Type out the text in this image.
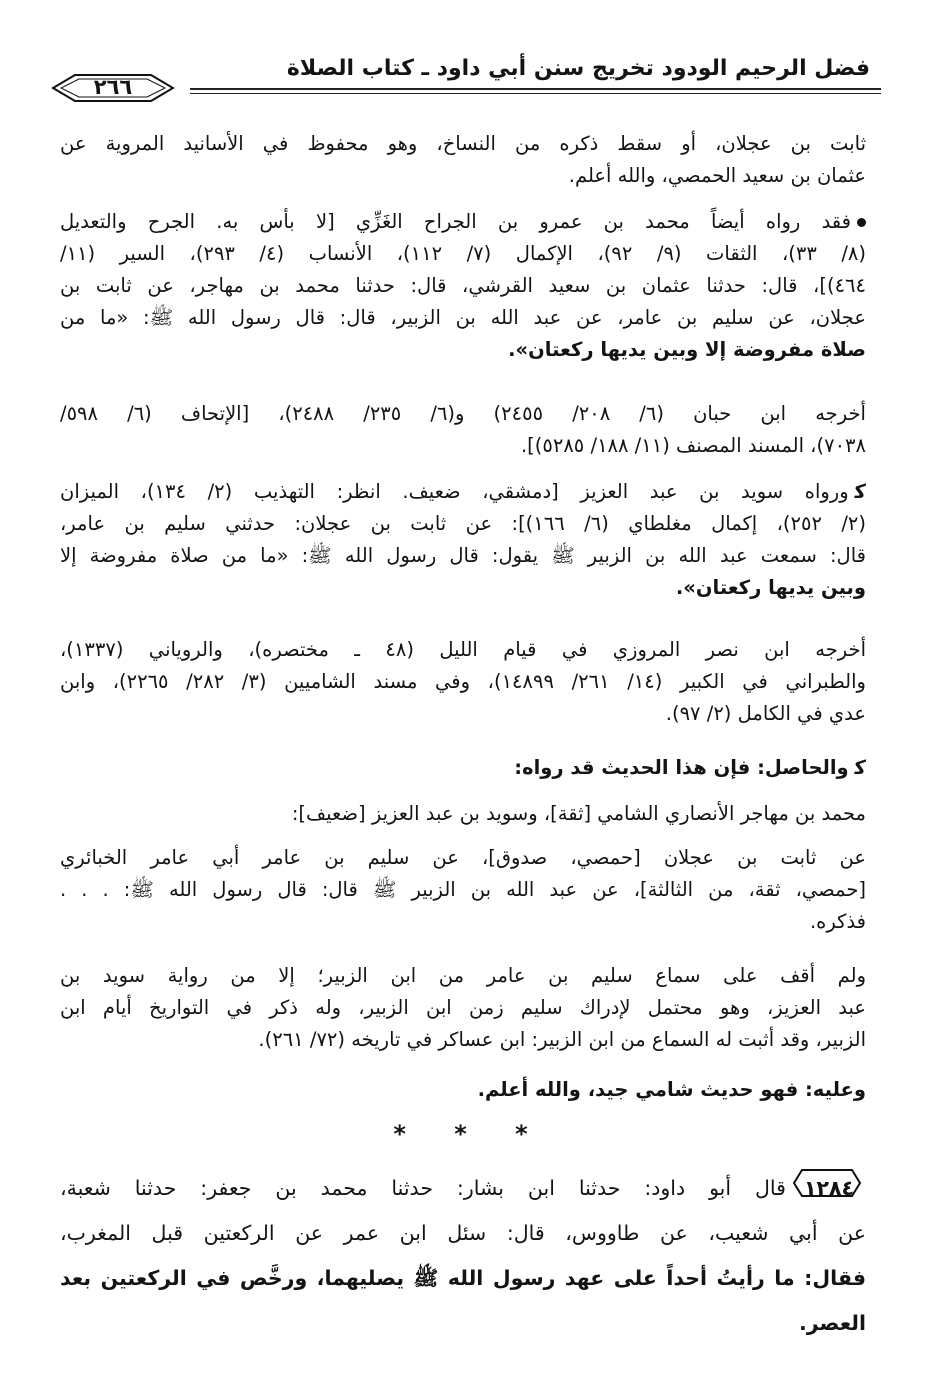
فضل الرحيم الودود تخريج سنن أبي داود ـ كتاب الصلاة
٢٦٦
ثابت بن عجلان، أو سقط ذكره من النساخ، وهو محفوظ في الأسانيد المروية عن
عثمان بن سعيد الحمصي، والله أعلم.
فقد رواه أيضاً محمد بن عمرو بن الجراح الغَزِّي [لا بأس به. الجرح والتعديل
(٨/ ٣٣)، الثقات (٩/ ٩٢)، الإكمال (٧/ ١١٢)، الأنساب (٤/ ٢٩٣)، السير (١١/
٤٦٤)]، قال: حدثنا عثمان بن سعيد القرشي، قال: حدثنا محمد بن مهاجر، عن ثابت بن
عجلان، عن سليم بن عامر، عن عبد الله بن الزبير، قال: قال رسول الله ﷺ: «ما من
صلاة مفروضة إلا وبين يديها ركعتان».
أخرجه ابن حبان (٦/ ٢٠٨/ ٢٤٥٥) و(٦/ ٢٣٥/ ٢٤٨٨)، [الإتحاف (٦/ ٥٩٨/
٧٠٣٨)، المسند المصنف (١١/ ١٨٨/ ٥٢٨٥)].
ﮐورواه سويد بن عبد العزيز [دمشقي، ضعيف. انظر: التهذيب (٢/ ١٣٤)، الميزان
(٢/ ٢٥٢)، إكمال مغلطاي (٦/ ١٦٦)]: عن ثابت بن عجلان: حدثني سليم بن عامر،
قال: سمعت عبد الله بن الزبير ﷺ يقول: قال رسول الله ﷺ: «ما من صلاة مفروضة إلا
وبين يديها ركعتان».
أخرجه ابن نصر المروزي في قيام الليل (٤٨ ـ مختصره)، والروياني (١٣٣٧)،
والطبراني في الكبير (١٤/ ٢٦١/ ١٤٨٩٩)، وفي مسند الشاميين (٣/ ٢٨٢/ ٢٢٦٥)، وابن
عدي في الكامل (٢/ ٩٧).
ﮐوالحاصل: فإن هذا الحديث قد رواه:
محمد بن مهاجر الأنصاري الشامي [ثقة]، وسويد بن عبد العزيز [ضعيف]:
عن ثابت بن عجلان [حمصي، صدوق]، عن سليم بن عامر أبي عامر الخبائري
[حمصي، ثقة، من الثالثة]، عن عبد الله بن الزبير ﷺ قال: قال رسول الله ﷺ: . . .
فذكره.
ولم أقف على سماع سليم بن عامر من ابن الزبير؛ إلا من رواية سويد بن
عبد العزيز، وهو محتمل لإدراك سليم زمن ابن الزبير، وله ذكر في التواريخ أيام ابن
الزبير، وقد أثبت له السماع من ابن الزبير: ابن عساكر في تاريخه (٧٢/ ٢٦١).
وعليه: فهو حديث شامي جيد، والله أعلم.
* * *
١٢٨٤قال أبو داود: حدثنا ابن بشار: حدثنا محمد بن جعفر: حدثنا شعبة،
عن أبي شعيب، عن طاووس، قال: سئل ابن عمر عن الركعتين قبل المغرب،
فقال: ما رأيتُ أحداً على عهد رسول الله ﷺ يصليهما، ورخَّص في الركعتين بعد
العصر.
